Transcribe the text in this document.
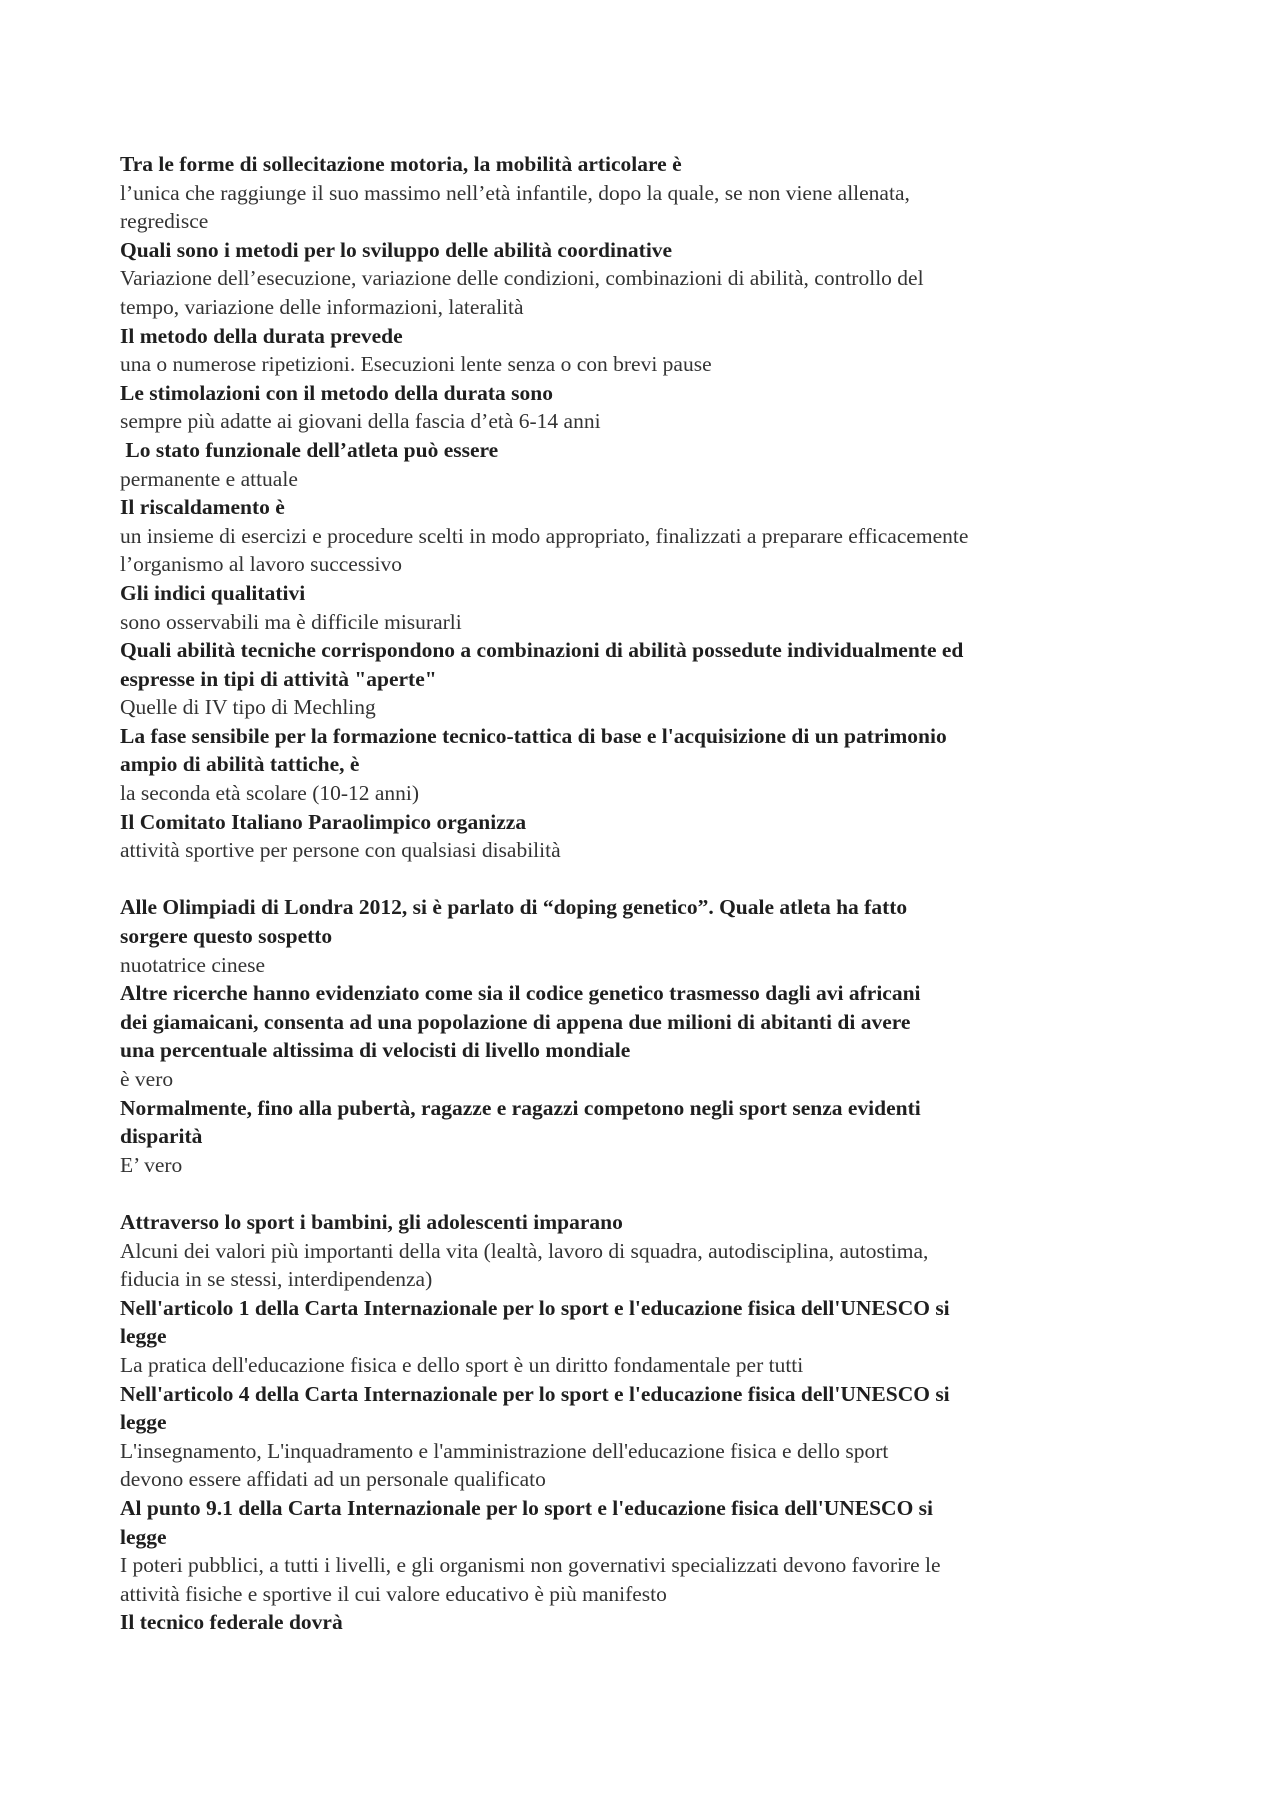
Tra le forme di sollecitazione motoria, la mobilità articolare è
l’unica che raggiunge il suo massimo nell’età infantile, dopo la quale, se non viene allenata,
regredisce
Quali sono i metodi per lo sviluppo delle abilità coordinative
Variazione dell’esecuzione, variazione delle condizioni, combinazioni di abilità, controllo del
tempo, variazione delle informazioni, lateralità
Il metodo della durata prevede
una o numerose ripetizioni. Esecuzioni lente senza o con brevi pause
Le stimolazioni con il metodo della durata sono
sempre più adatte ai giovani della fascia d’età 6-14 anni
Lo stato funzionale dell’atleta può essere
permanente e attuale
Il riscaldamento è
un insieme di esercizi e procedure scelti in modo appropriato, finalizzati a preparare efficacemente
l’organismo al lavoro successivo
Gli indici qualitativi
sono osservabili ma è difficile misurarli
Quali abilità tecniche corrispondono a combinazioni di abilità possedute individualmente ed
espresse in tipi di attività "aperte"
Quelle di IV tipo di Mechling
La fase sensibile per la formazione tecnico-tattica di base e l'acquisizione di un patrimonio
ampio di abilità tattiche, è
la seconda età scolare (10-12 anni)
Il Comitato Italiano Paraolimpico organizza
attività sportive per persone con qualsiasi disabilità
Alle Olimpiadi di Londra 2012, si è parlato di “doping genetico”. Quale atleta ha fatto
sorgere questo sospetto
nuotatrice cinese
Altre ricerche hanno evidenziato come sia il codice genetico trasmesso dagli avi africani
dei giamaicani, consenta ad una popolazione di appena due milioni di abitanti di avere
una percentuale altissima di velocisti di livello mondiale
è vero
Normalmente, fino alla pubertà, ragazze e ragazzi competono negli sport senza evidenti
disparità
E’ vero
Attraverso lo sport i bambini, gli adolescenti imparano
Alcuni dei valori più importanti della vita (lealtà, lavoro di squadra, autodisciplina, autostima,
fiducia in se stessi, interdipendenza)
Nell'articolo 1 della Carta Internazionale per lo sport e l'educazione fisica dell'UNESCO si
legge
La pratica dell'educazione fisica e dello sport è un diritto fondamentale per tutti
Nell'articolo 4 della Carta Internazionale per lo sport e l'educazione fisica dell'UNESCO si
legge
L'insegnamento, L'inquadramento e l'amministrazione dell'educazione fisica e dello sport
devono essere affidati ad un personale qualificato
Al punto 9.1 della Carta Internazionale per lo sport e l'educazione fisica dell'UNESCO si
legge
I poteri pubblici, a tutti i livelli, e gli organismi non governativi specializzati devono favorire le
attività fisiche e sportive il cui valore educativo è più manifesto
Il tecnico federale dovrà
